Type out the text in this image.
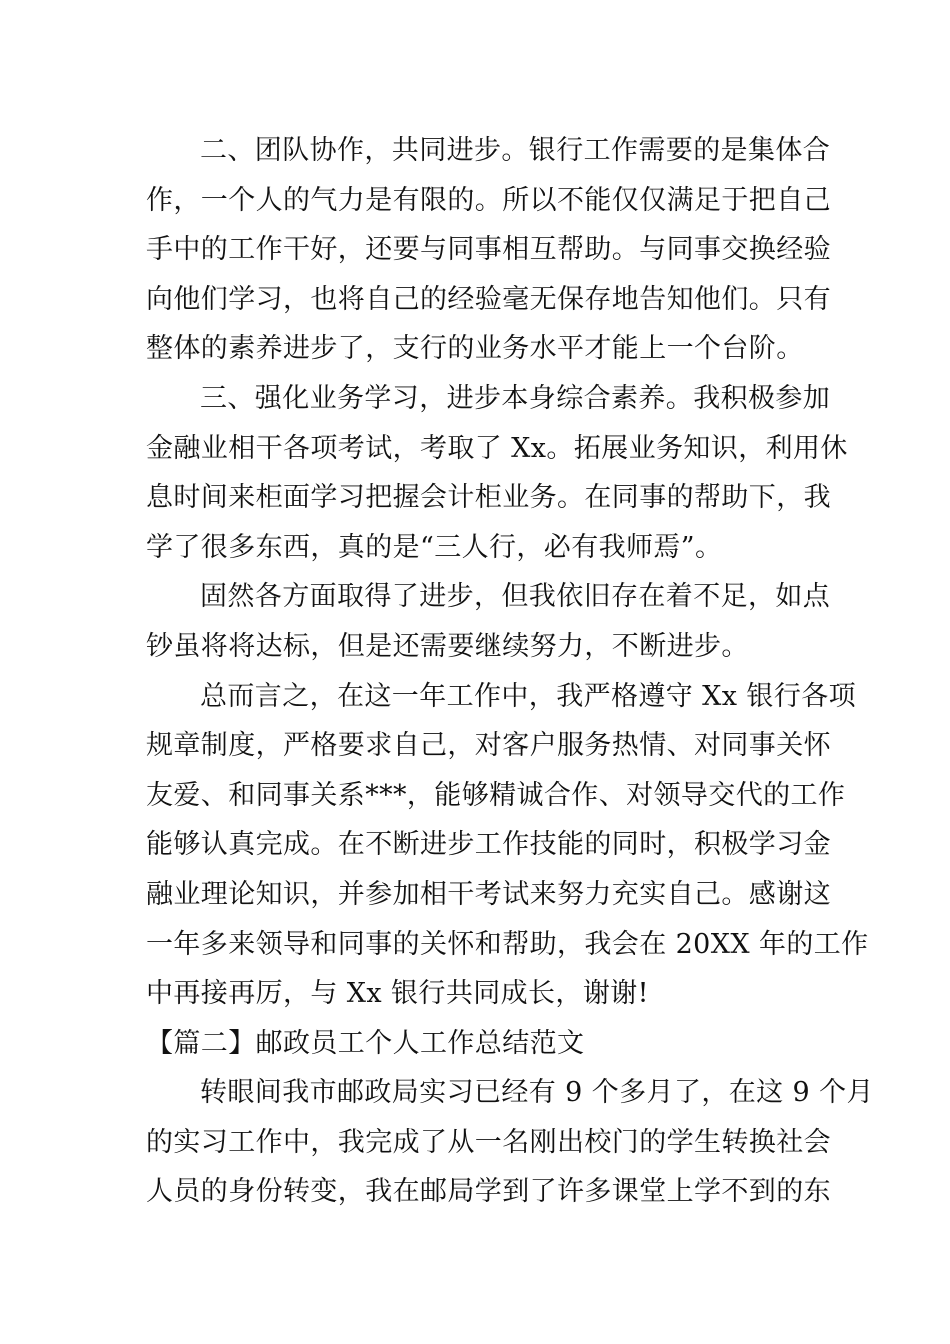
二、团队协作，共同进步。银行工作需要的是集体合
作，一个人的气力是有限的。所以不能仅仅满足于把自己
手中的工作干好，还要与同事相互帮助。与同事交换经验
向他们学习，也将自己的经验毫无保存地告知他们。只有
整体的素养进步了，支行的业务水平才能上一个台阶。
三、强化业务学习，进步本身综合素养。我积极参加
金融业相干各项考试，考取了 Xx。拓展业务知识，利用休
息时间来柜面学习把握会计柜业务。在同事的帮助下，我
学了很多东西，真的是“三人行，必有我师焉”。
固然各方面取得了进步，但我依旧存在着不足，如点
钞虽将将达标，但是还需要继续努力，不断进步。
总而言之，在这一年工作中，我严格遵守 Xx 银行各项
规章制度，严格要求自己，对客户服务热情、对同事关怀
友爱、和同事关系***，能够精诚合作、对领导交代的工作
能够认真完成。在不断进步工作技能的同时，积极学习金
融业理论知识，并参加相干考试来努力充实自己。感谢这
一年多来领导和同事的关怀和帮助，我会在 20XX 年的工作
中再接再厉，与 Xx 银行共同成长，谢谢!
【篇二】邮政员工个人工作总结范文
转眼间我市邮政局实习已经有 9 个多月了，在这 9 个月
的实习工作中，我完成了从一名刚出校门的学生转换社会
人员的身份转变，我在邮局学到了许多课堂上学不到的东
